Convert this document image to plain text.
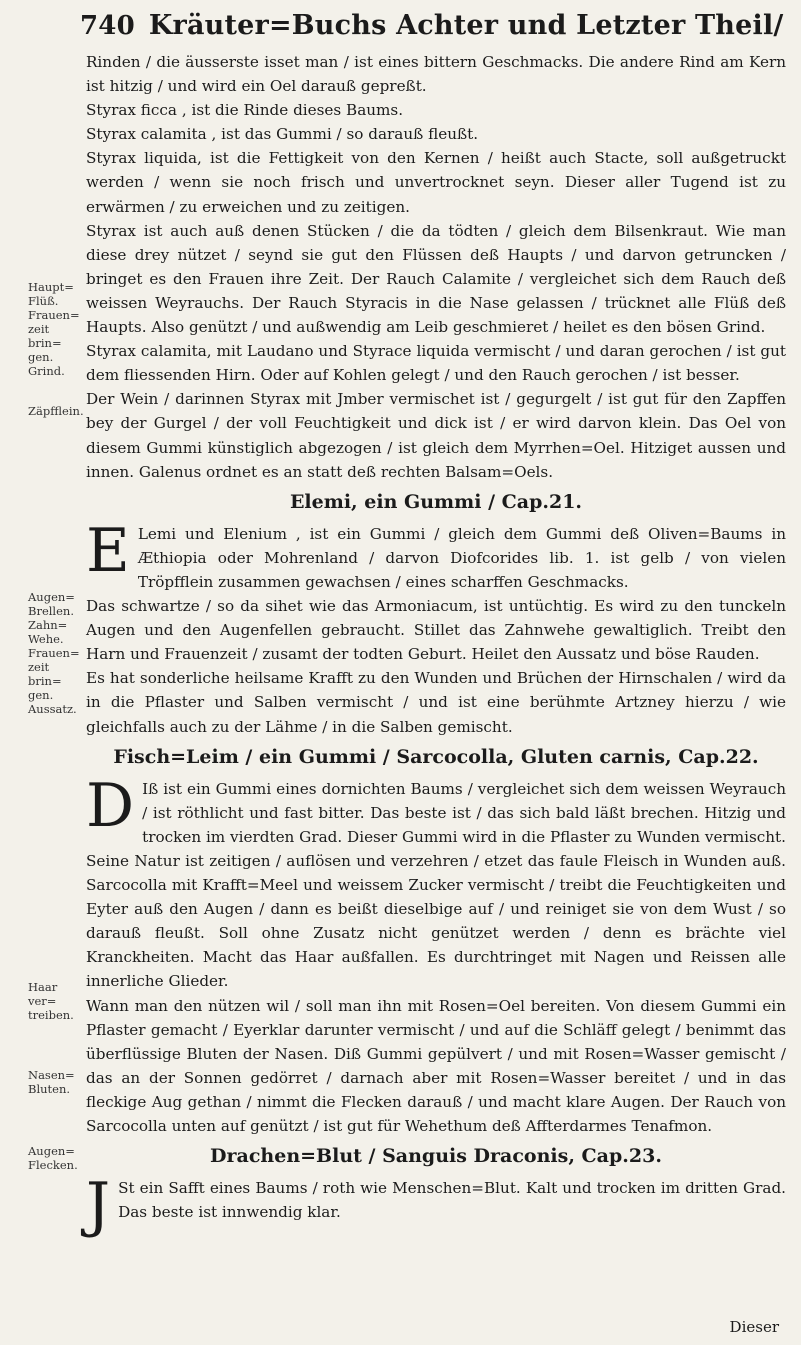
740 Kräuter=Buchs Achter und Letzter Theil/
Haupt= Flüß. Frauen= zeit brin= gen. Grind.
Zäpfflein.
Augen= Brellen. Zahn= Wehe. Frauen= zeit brin= gen. Aussatz.
Haar ver= treiben.
Nasen= Bluten.
Augen= Flecken.

Rinden / die äusserste isset man / ist eines bittern Geschmacks. Die andere Rind am Kern ist hitzig / und wird ein Oel darauß gepreßt.

Styrax ficca , ist die Rinde dieses Baums.

Styrax calamita , ist das Gummi / so darauß fleußt.

Styrax liquida, ist die Fettigkeit von den Kernen / heißt auch Stacte, soll außgetruckt werden / wenn sie noch frisch und unvertrocknet seyn. Dieser aller Tugend ist zu erwärmen / zu erweichen und zu zeitigen.

Styrax ist auch auß denen Stücken / die da tödten / gleich dem Bilsenkraut. Wie man diese drey nützet / seynd sie gut den Flüssen deß Haupts / und darvon getruncken / bringet es den Frauen ihre Zeit. Der Rauch Calamite / vergleichet sich dem Rauch deß weissen Weyrauchs. Der Rauch Styracis in die Nase gelassen / trücknet alle Flüß deß Haupts. Also genützt / und außwendig am Leib geschmieret / heilet es den bösen Grind.

Styrax calamita, mit Laudano und Styrace liquida vermischt / und daran gerochen / ist gut dem fliessenden Hirn. Oder auf Kohlen gelegt / und den Rauch gerochen / ist besser.

Der Wein / darinnen Styrax mit Jmber vermischet ist / gegurgelt / ist gut für den Zapffen bey der Gurgel / der voll Feuchtigkeit und dick ist / er wird darvon klein. Das Oel von diesem Gummi künstiglich abgezogen / ist gleich dem Myrrhen=Oel. Hitziget aussen und innen. Galenus ordnet es an statt deß rechten Balsam=Oels.

Elemi, ein Gummi / Cap.21.

E Lemi und Elenium , ist ein Gummi / gleich dem Gummi deß Oliven=Baums in Æthiopia oder Mohrenland / darvon Diofcorides lib. 1. ist gelb / von vielen Tröpfflein zusammen gewachsen / eines scharffen Geschmacks.

Das schwartze / so da sihet wie das Armoniacum, ist untüchtig. Es wird zu den tunckeln Augen und den Augenfellen gebraucht. Stillet das Zahnwehe gewaltiglich. Treibt den Harn und Frauenzeit / zusamt der todten Geburt. Heilet den Aussatz und böse Rauden.

Es hat sonderliche heilsame Krafft zu den Wunden und Brüchen der Hirnschalen / wird da in die Pflaster und Salben vermischt / und ist eine berühmte Artzney hierzu / wie gleichfalls auch zu der Lähme / in die Salben gemischt.

Fisch=Leim / ein Gummi / Sarcocolla, Gluten carnis, Cap.22.

D Iß ist ein Gummi eines dornichten Baums / vergleichet sich dem weissen Weyrauch / ist röthlicht und fast bitter. Das beste ist / das sich bald läßt brechen. Hitzig und trocken im vierdten Grad. Dieser Gummi wird in die Pflaster zu Wunden vermischt. Seine Natur ist zeitigen / auflösen und verzehren / etzet das faule Fleisch in Wunden auß. Sarcocolla mit Krafft=Meel und weissem Zucker vermischt / treibt die Feuchtigkeiten und Eyter auß den Augen / dann es beißt dieselbige auf / und reiniget sie von dem Wust / so darauß fleußt. Soll ohne Zusatz nicht genützet werden / denn es brächte viel Kranckheiten. Macht das Haar außfallen. Es durchtringet mit Nagen und Reissen alle innerliche Glieder.

Wann man den nützen wil / soll man ihn mit Rosen=Oel bereiten. Von diesem Gummi ein Pflaster gemacht / Eyerklar darunter vermischt / und auf die Schläff gelegt / benimmt das überflüssige Bluten der Nasen. Diß Gummi gepülvert / und mit Rosen=Wasser gemischt / das an der Sonnen gedörret / darnach aber mit Rosen=Wasser bereitet / und in das fleckige Aug gethan / nimmt die Flecken darauß / und macht klare Augen. Der Rauch von Sarcocolla unten auf genützt / ist gut für Wehethum deß Affterdarmes Tenafmon.

Drachen=Blut / Sanguis Draconis, Cap.23.

J St ein Safft eines Baums / roth wie Menschen=Blut. Kalt und trocken im dritten Grad. Das beste ist innwendig klar.

Dieser
